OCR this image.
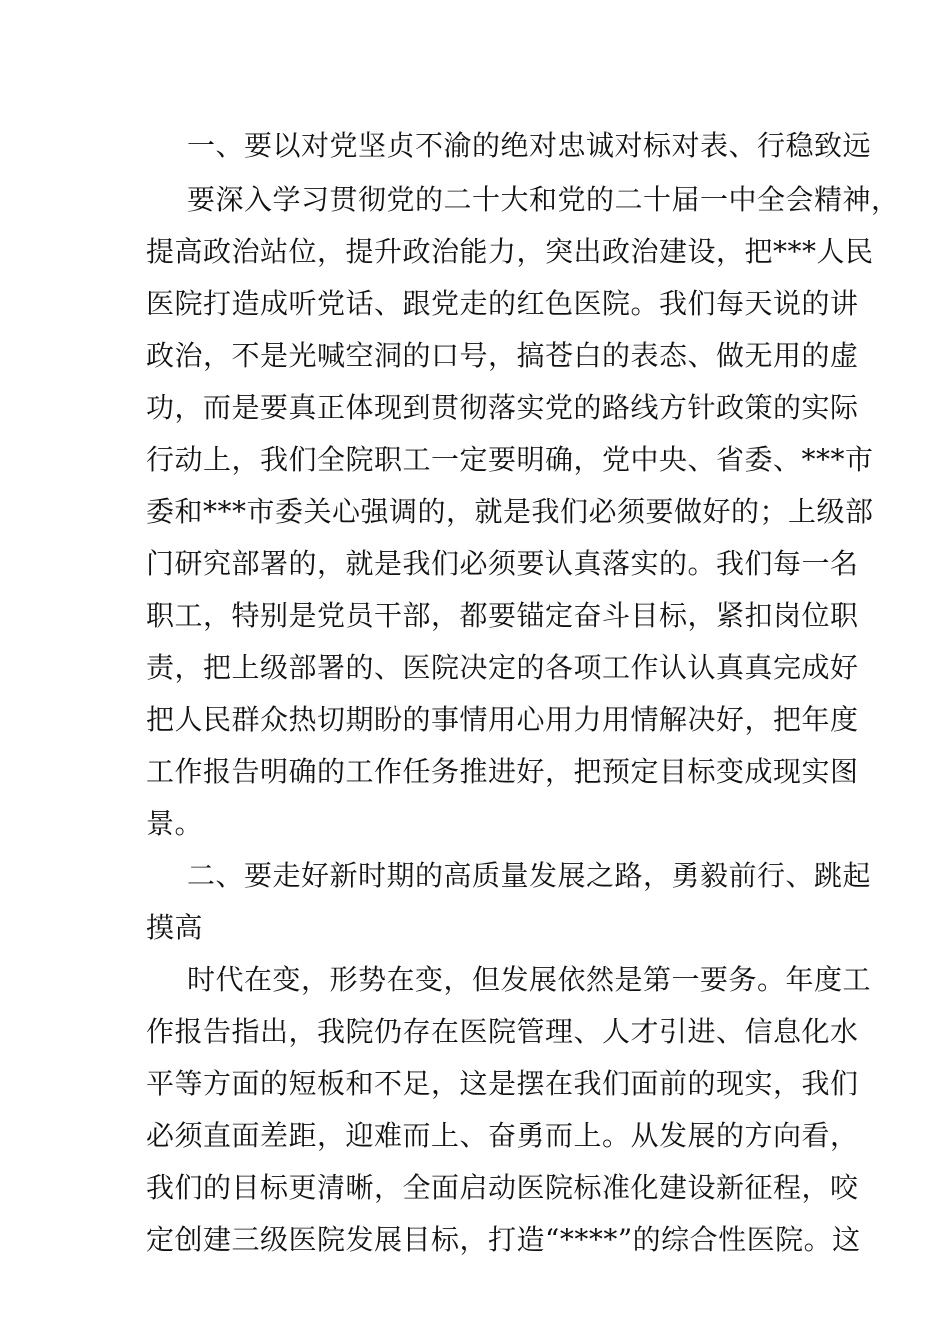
一、要以对党坚贞不渝的绝对忠诚对标对表、行稳致远
要深入学习贯彻党的二十大和党的二十届一中全会精神，
提高政治站位，提升政治能力，突出政治建设，把***人民
医院打造成听党话、跟党走的红色医院。我们每天说的讲
政治，不是光喊空洞的口号，搞苍白的表态、做无用的虚
功，而是要真正体现到贯彻落实党的路线方针政策的实际
行动上，我们全院职工一定要明确，党中央、省委、***市
委和***市委关心强调的，就是我们必须要做好的；上级部
门研究部署的，就是我们必须要认真落实的。我们每一名
职工，特别是党员干部，都要锚定奋斗目标，紧扣岗位职
责，把上级部署的、医院决定的各项工作认认真真完成好
把人民群众热切期盼的事情用心用力用情解决好，把年度
工作报告明确的工作任务推进好，把预定目标变成现实图
景。
二、要走好新时期的高质量发展之路，勇毅前行、跳起
摸高
时代在变，形势在变，但发展依然是第一要务。年度工
作报告指出，我院仍存在医院管理、人才引进、信息化水
平等方面的短板和不足，这是摆在我们面前的现实，我们
必须直面差距，迎难而上、奋勇而上。从发展的方向看，
我们的目标更清晰，全面启动医院标准化建设新征程，咬
定创建三级医院发展目标，打造“****”的综合性医院。这
